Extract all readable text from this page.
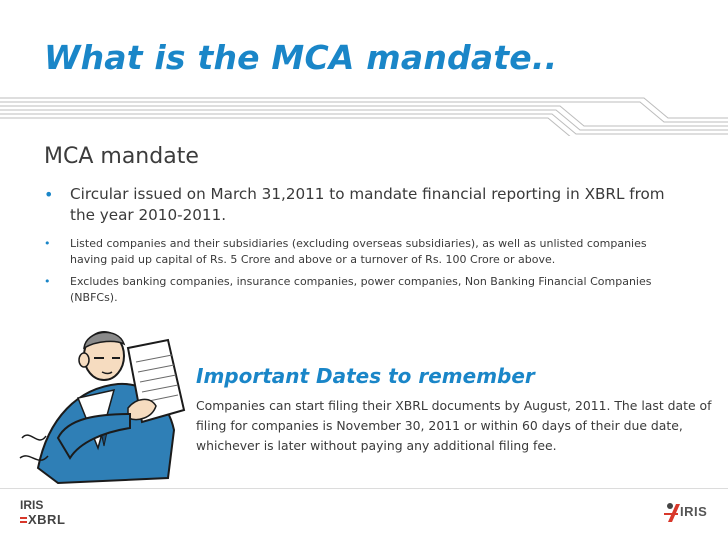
What is the MCA mandate..
MCA mandate
•	Circular issued on March 31,2011 to mandate financial reporting in XBRL from the year 2010-2011.
•	Listed companies and their subsidiaries (excluding overseas subsidiaries), as well as unlisted companies having paid up capital of Rs. 5 Crore and above or a turnover of Rs. 100 Crore or above.
•	Excludes banking companies, insurance companies, power companies, Non Banking Financial Companies (NBFCs).
Important Dates to remember
Companies can start filing their XBRL documents by August, 2011. The last date of filing for companies is November 30, 2011 or within 60 days of their due date, whichever is later without paying any additional filing fee.
IRIS
XBRL
IRIS
